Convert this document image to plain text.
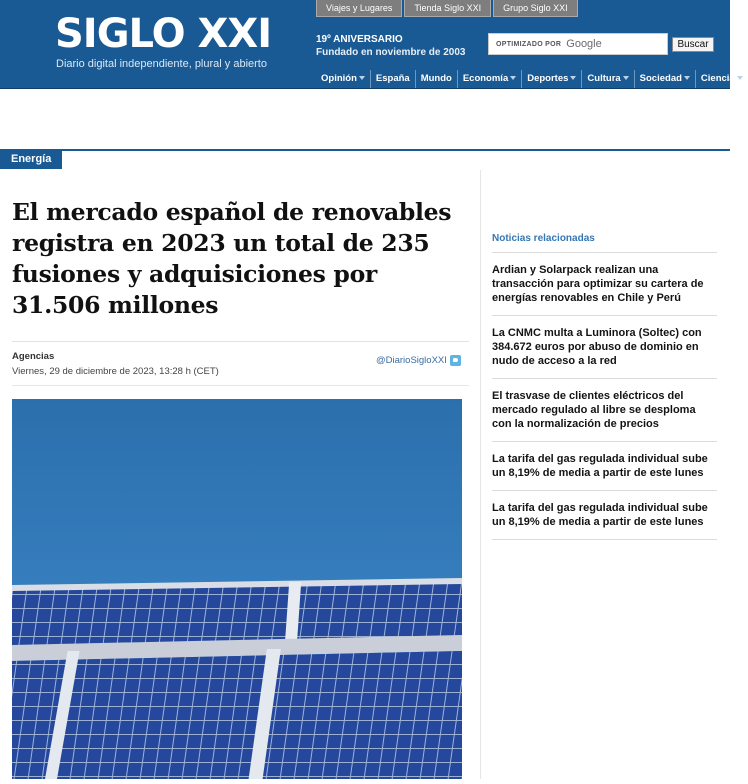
SIGLO XXI
Diario digital independiente, plural y abierto
Viajes y Lugares	Tienda Siglo XXI	Grupo Siglo XXI
19º ANIVERSARIO
Fundado en noviembre de 2003
OPTIMIZADO POR Google	Buscar
Opinión	España	Mundo	Economía	Deportes	Cultura	Sociedad	Ciencia
Energía
El mercado español de renovables registra en 2023 un total de 235 fusiones y adquisiciones por 31.506 millones
Agencias
Viernes, 29 de diciembre de 2023, 13:28 h (CET)
@DiarioSigloXXI
Noticias relacionadas
Ardian y Solarpack realizan una transacción para optimizar su cartera de energías renovables en Chile y Perú
La CNMC multa a Luminora (Soltec) con 384.672 euros por abuso de dominio en nudo de acceso a la red
El trasvase de clientes eléctricos del mercado regulado al libre se desploma con la normalización de precios
La tarifa del gas regulada individual sube un 8,19% de media a partir de este lunes
La tarifa del gas regulada individual sube un 8,19% de media a partir de este lunes
